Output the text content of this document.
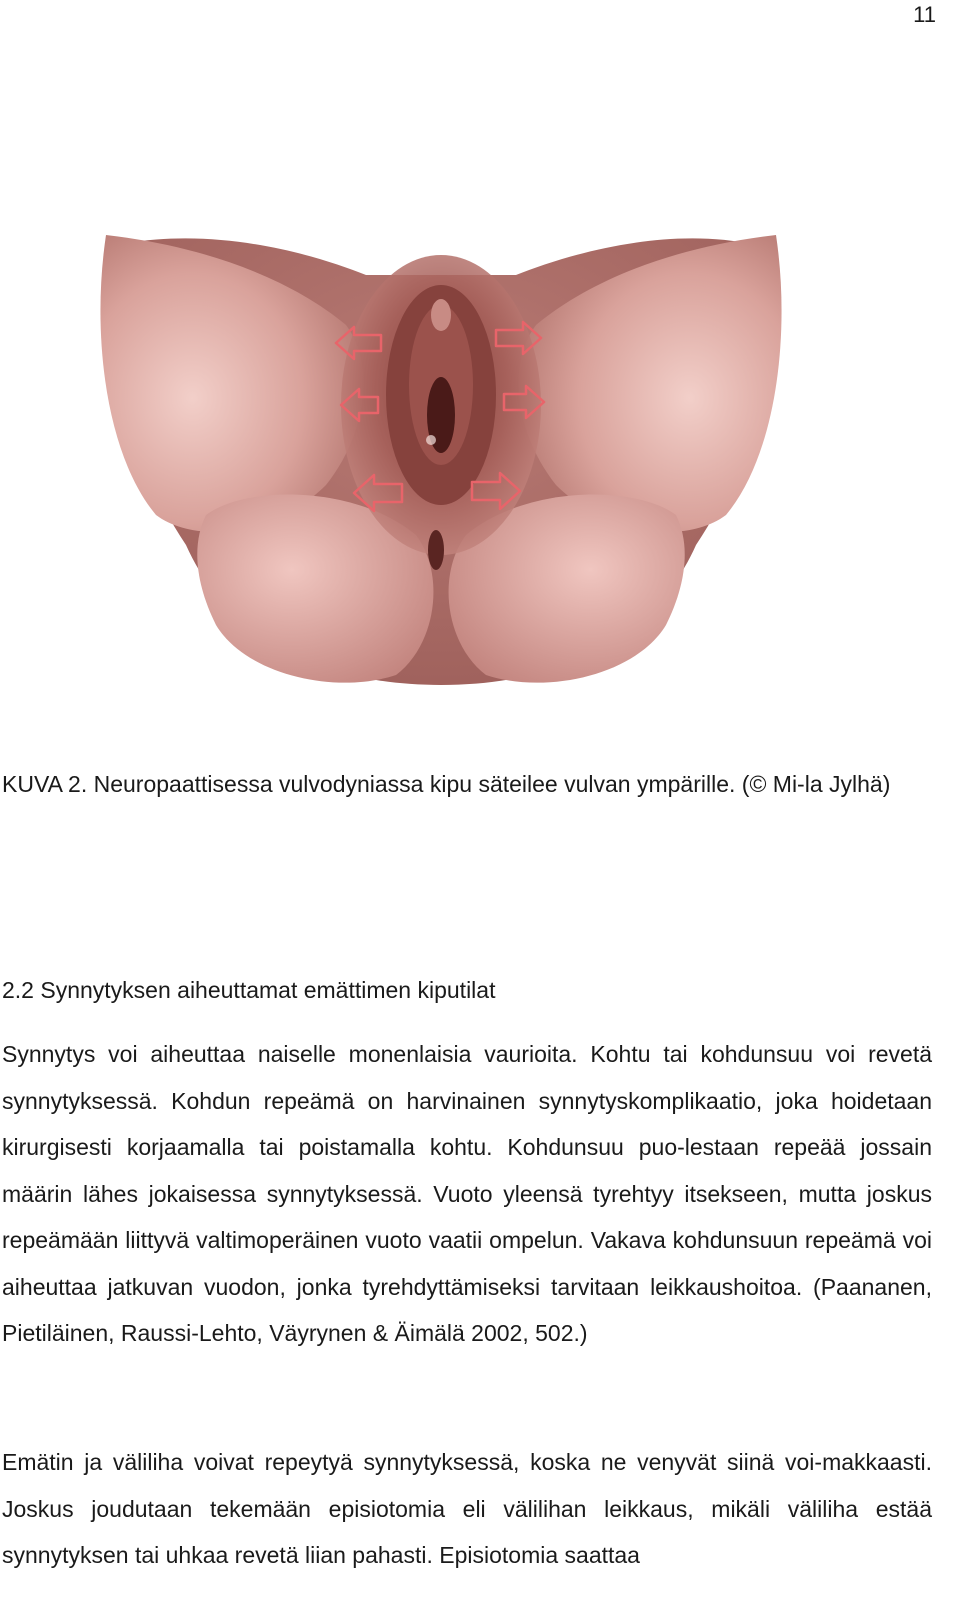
11
KUVA 2. Neuropaattisessa vulvodyniassa kipu säteilee vulvan ympärille. (© Mi-la Jylhä)
2.2 Synnytyksen aiheuttamat emättimen kiputilat

Synnytys voi aiheuttaa naiselle monenlaisia vaurioita. Kohtu tai kohdunsuu voi revetä synnytyksessä. Kohdun repeämä on harvinainen synnytyskomplikaatio, joka hoidetaan kirurgisesti korjaamalla tai poistamalla kohtu. Kohdunsuu puo-lestaan repeää jossain määrin lähes jokaisessa synnytyksessä. Vuoto yleensä tyrehtyy itsekseen, mutta joskus repeämään liittyvä valtimoperäinen vuoto vaatii ompelun. Vakava kohdunsuun repeämä voi aiheuttaa jatkuvan vuodon, jonka tyrehdyttämiseksi tarvitaan leikkaushoitoa. (Paananen, Pietiläinen, Raussi-Lehto, Väyrynen & Äimälä 2002, 502.)

Emätin ja väliliha voivat repeytyä synnytyksessä, koska ne venyvät siinä voi-makkaasti. Joskus joudutaan tekemään episiotomia eli välilihan leikkaus, mikäli väliliha estää synnytyksen tai uhkaa revetä liian pahasti. Episiotomia saattaa
